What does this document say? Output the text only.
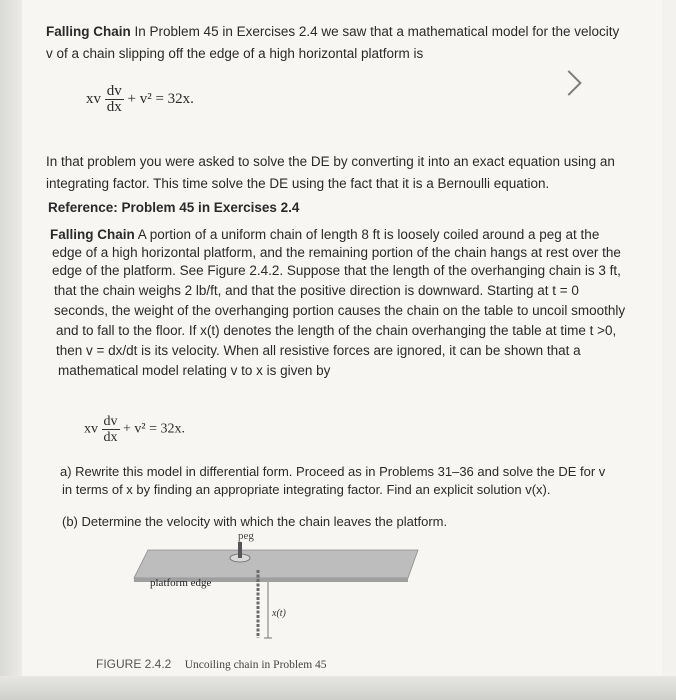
Falling Chain In Problem 45 in Exercises 2.4 we saw that a mathematical model for the velocity
v of a chain slipping off the edge of a high horizontal platform is
xv $\frac{dv}{dx} + v^2 = 32x$.
In that problem you were asked to solve the DE by converting it into an exact equation using an
integrating factor. This time solve the DE using the fact that it is a Bernoulli equation.
Reference: Problem 45 in Exercises 2.4
Falling Chain A portion of a uniform chain of length 8 ft is loosely coiled around a peg at the
edge of a high horizontal platform, and the remaining portion of the chain hangs at rest over the
edge of the platform. See Figure 2.4.2. Suppose that the length of the overhanging chain is 3 ft,
that the chain weighs 2 lb/ft, and that the positive direction is downward. Starting at t = 0
seconds, the weight of the overhanging portion causes the chain on the table to uncoil smoothly
and to fall to the floor. If x(t) denotes the length of the chain overhanging the table at time t >0,
then v = dx/dt is its velocity. When all resistive forces are ignored, it can be shown that a
mathematical model relating v to x is given by
xv $\frac{dv}{dx} + v^2 = 32x$.
a) Rewrite this model in differential form. Proceed as in Problems 31–36 and solve the DE for v
in terms of x by finding an appropriate integrating factor. Find an explicit solution v(x).
(b) Determine the velocity with which the chain leaves the platform.
peg
platform edge
x(t)
FIGURE 2.4.2 Uncoiling chain in Problem 45
